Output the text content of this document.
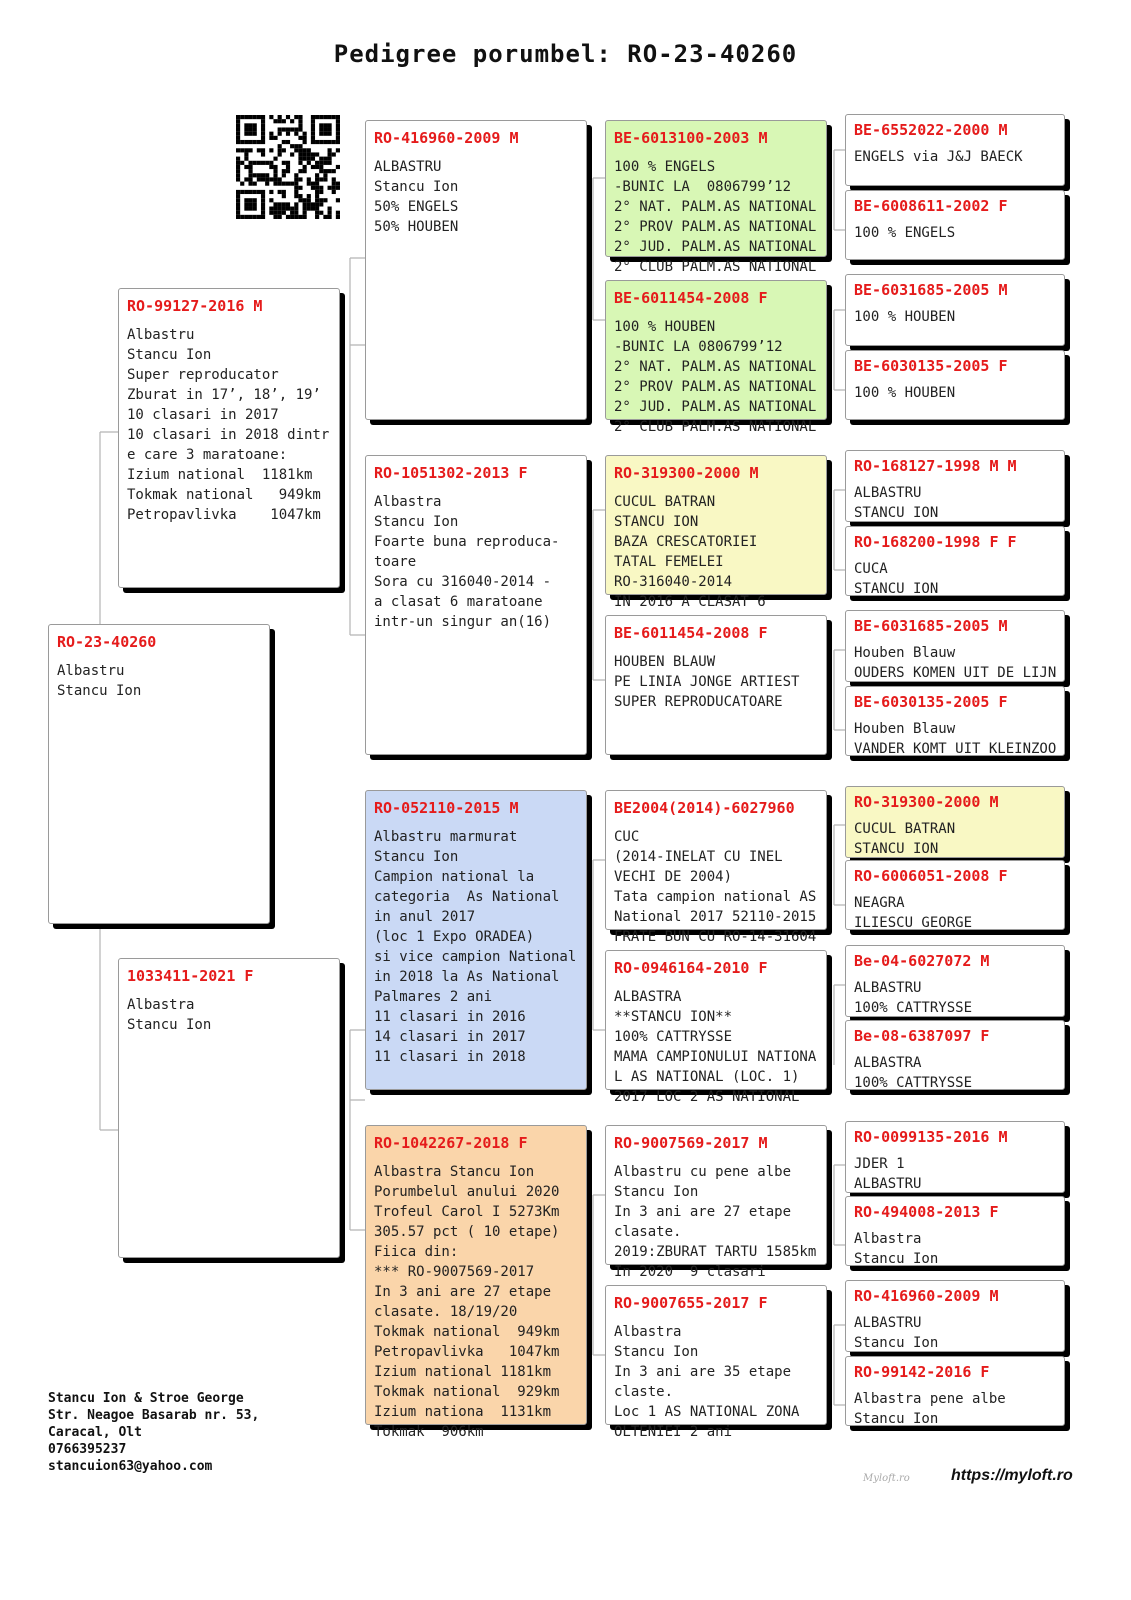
Pedigree porumbel: RO-23-40260
RO-23-40260
Albastru
Stancu Ion
RO-99127-2016 M
Albastru
Stancu Ion
Super reproducator
Zburat in 17’, 18’, 19’
10 clasari in 2017
10 clasari in 2018 dintr
e care 3 maratoane:
Izium national  1181km
Tokmak national   949km
Petropavlivka    1047km
1033411-2021 F
Albastra
Stancu Ion
RO-416960-2009 M
ALBASTRU
Stancu Ion
50% ENGELS
50% HOUBEN
RO-1051302-2013 F
Albastra
Stancu Ion
Foarte buna reproduca-
toare
Sora cu 316040-2014 -
a clasat 6 maratoane
intr-un singur an(16)
RO-052110-2015 M
Albastru marmurat
Stancu Ion
Campion national la
categoria  As National
in anul 2017
(loc 1 Expo ORADEA)
si vice campion National
in 2018 la As National
Palmares 2 ani
11 clasari in 2016
14 clasari in 2017
11 clasari in 2018
RO-1042267-2018 F
Albastra Stancu Ion
Porumbelul anului 2020
Trofeul Carol I 5273Km
305.57 pct ( 10 etape)
Fiica din:
*** RO-9007569-2017
In 3 ani are 27 etape
clasate. 18/19/20
Tokmak national  949km
Petropavlivka   1047km
Izium national 1181km
Tokmak national  929km
Izium nationa  1131km
Tokmak  906km
BE-6013100-2003 M
100 % ENGELS
-BUNIC LA  0806799’12
2° NAT. PALM.AS NATIONAL
2° PROV PALM.AS NATIONAL
2° JUD. PALM.AS NATIONAL
2° CLUB PALM.AS NATIONAL
BE-6011454-2008 F
100 % HOUBEN
-BUNIC LA 0806799’12
2° NAT. PALM.AS NATIONAL
2° PROV PALM.AS NATIONAL
2° JUD. PALM.AS NATIONAL
2° CLUB PALM.AS NATIONAL
RO-319300-2000 M
CUCUL BATRAN
STANCU ION
BAZA CRESCATORIEI
TATAL FEMELEI
RO-316040-2014
IN 2016 A CLASAT 6
BE-6011454-2008 F
HOUBEN BLAUW
PE LINIA JONGE ARTIEST
SUPER REPRODUCATOARE
BE2004(2014)-6027960
CUC
(2014-INELAT CU INEL
VECHI DE 2004)
Tata campion national AS
National 2017 52110-2015
FRATE BUN CU RO-14-31604
RO-0946164-2010 F
ALBASTRA
**STANCU ION**
100% CATTRYSSE
MAMA CAMPIONULUI NATIONA
L AS NATIONAL (LOC. 1)
2017 LOC 2 AS NATIONAL
RO-9007569-2017 M
Albastru cu pene albe
Stancu Ion
In 3 ani are 27 etape
clasate.
2019:ZBURAT TARTU 1585km
In 2020  9 clasari
RO-9007655-2017 F
Albastra
Stancu Ion
In 3 ani are 35 etape
claste.
Loc 1 AS NATIONAL ZONA
OLTENIEI 2 ani
BE-6552022-2000 M
ENGELS via J&J BAECK
BE-6008611-2002 F
100 % ENGELS
BE-6031685-2005 M
100 % HOUBEN
BE-6030135-2005 F
100 % HOUBEN
RO-168127-1998 M M
ALBASTRU
STANCU ION
RO-168200-1998 F F
CUCA
STANCU ION
BE-6031685-2005 M
Houben Blauw
OUDERS KOMEN UIT DE LIJN
BE-6030135-2005 F
Houben Blauw
VANDER KOMT UIT KLEINZOO
RO-319300-2000 M
CUCUL BATRAN
STANCU ION
RO-6006051-2008 F
NEAGRA
ILIESCU GEORGE
Be-04-6027072 M
ALBASTRU
100% CATTRYSSE
Be-08-6387097 F
ALBASTRA
100% CATTRYSSE
RO-0099135-2016 M
JDER 1
ALBASTRU
RO-494008-2013 F
Albastra
Stancu Ion
RO-416960-2009 M
ALBASTRU
Stancu Ion
RO-99142-2016 F
Albastra pene albe
Stancu Ion
Stancu Ion & Stroe George
Str. Neagoe Basarab nr. 53,
Caracal, Olt
0766395237
stancuion63@yahoo.com
Myloft.ro	https://myloft.ro
